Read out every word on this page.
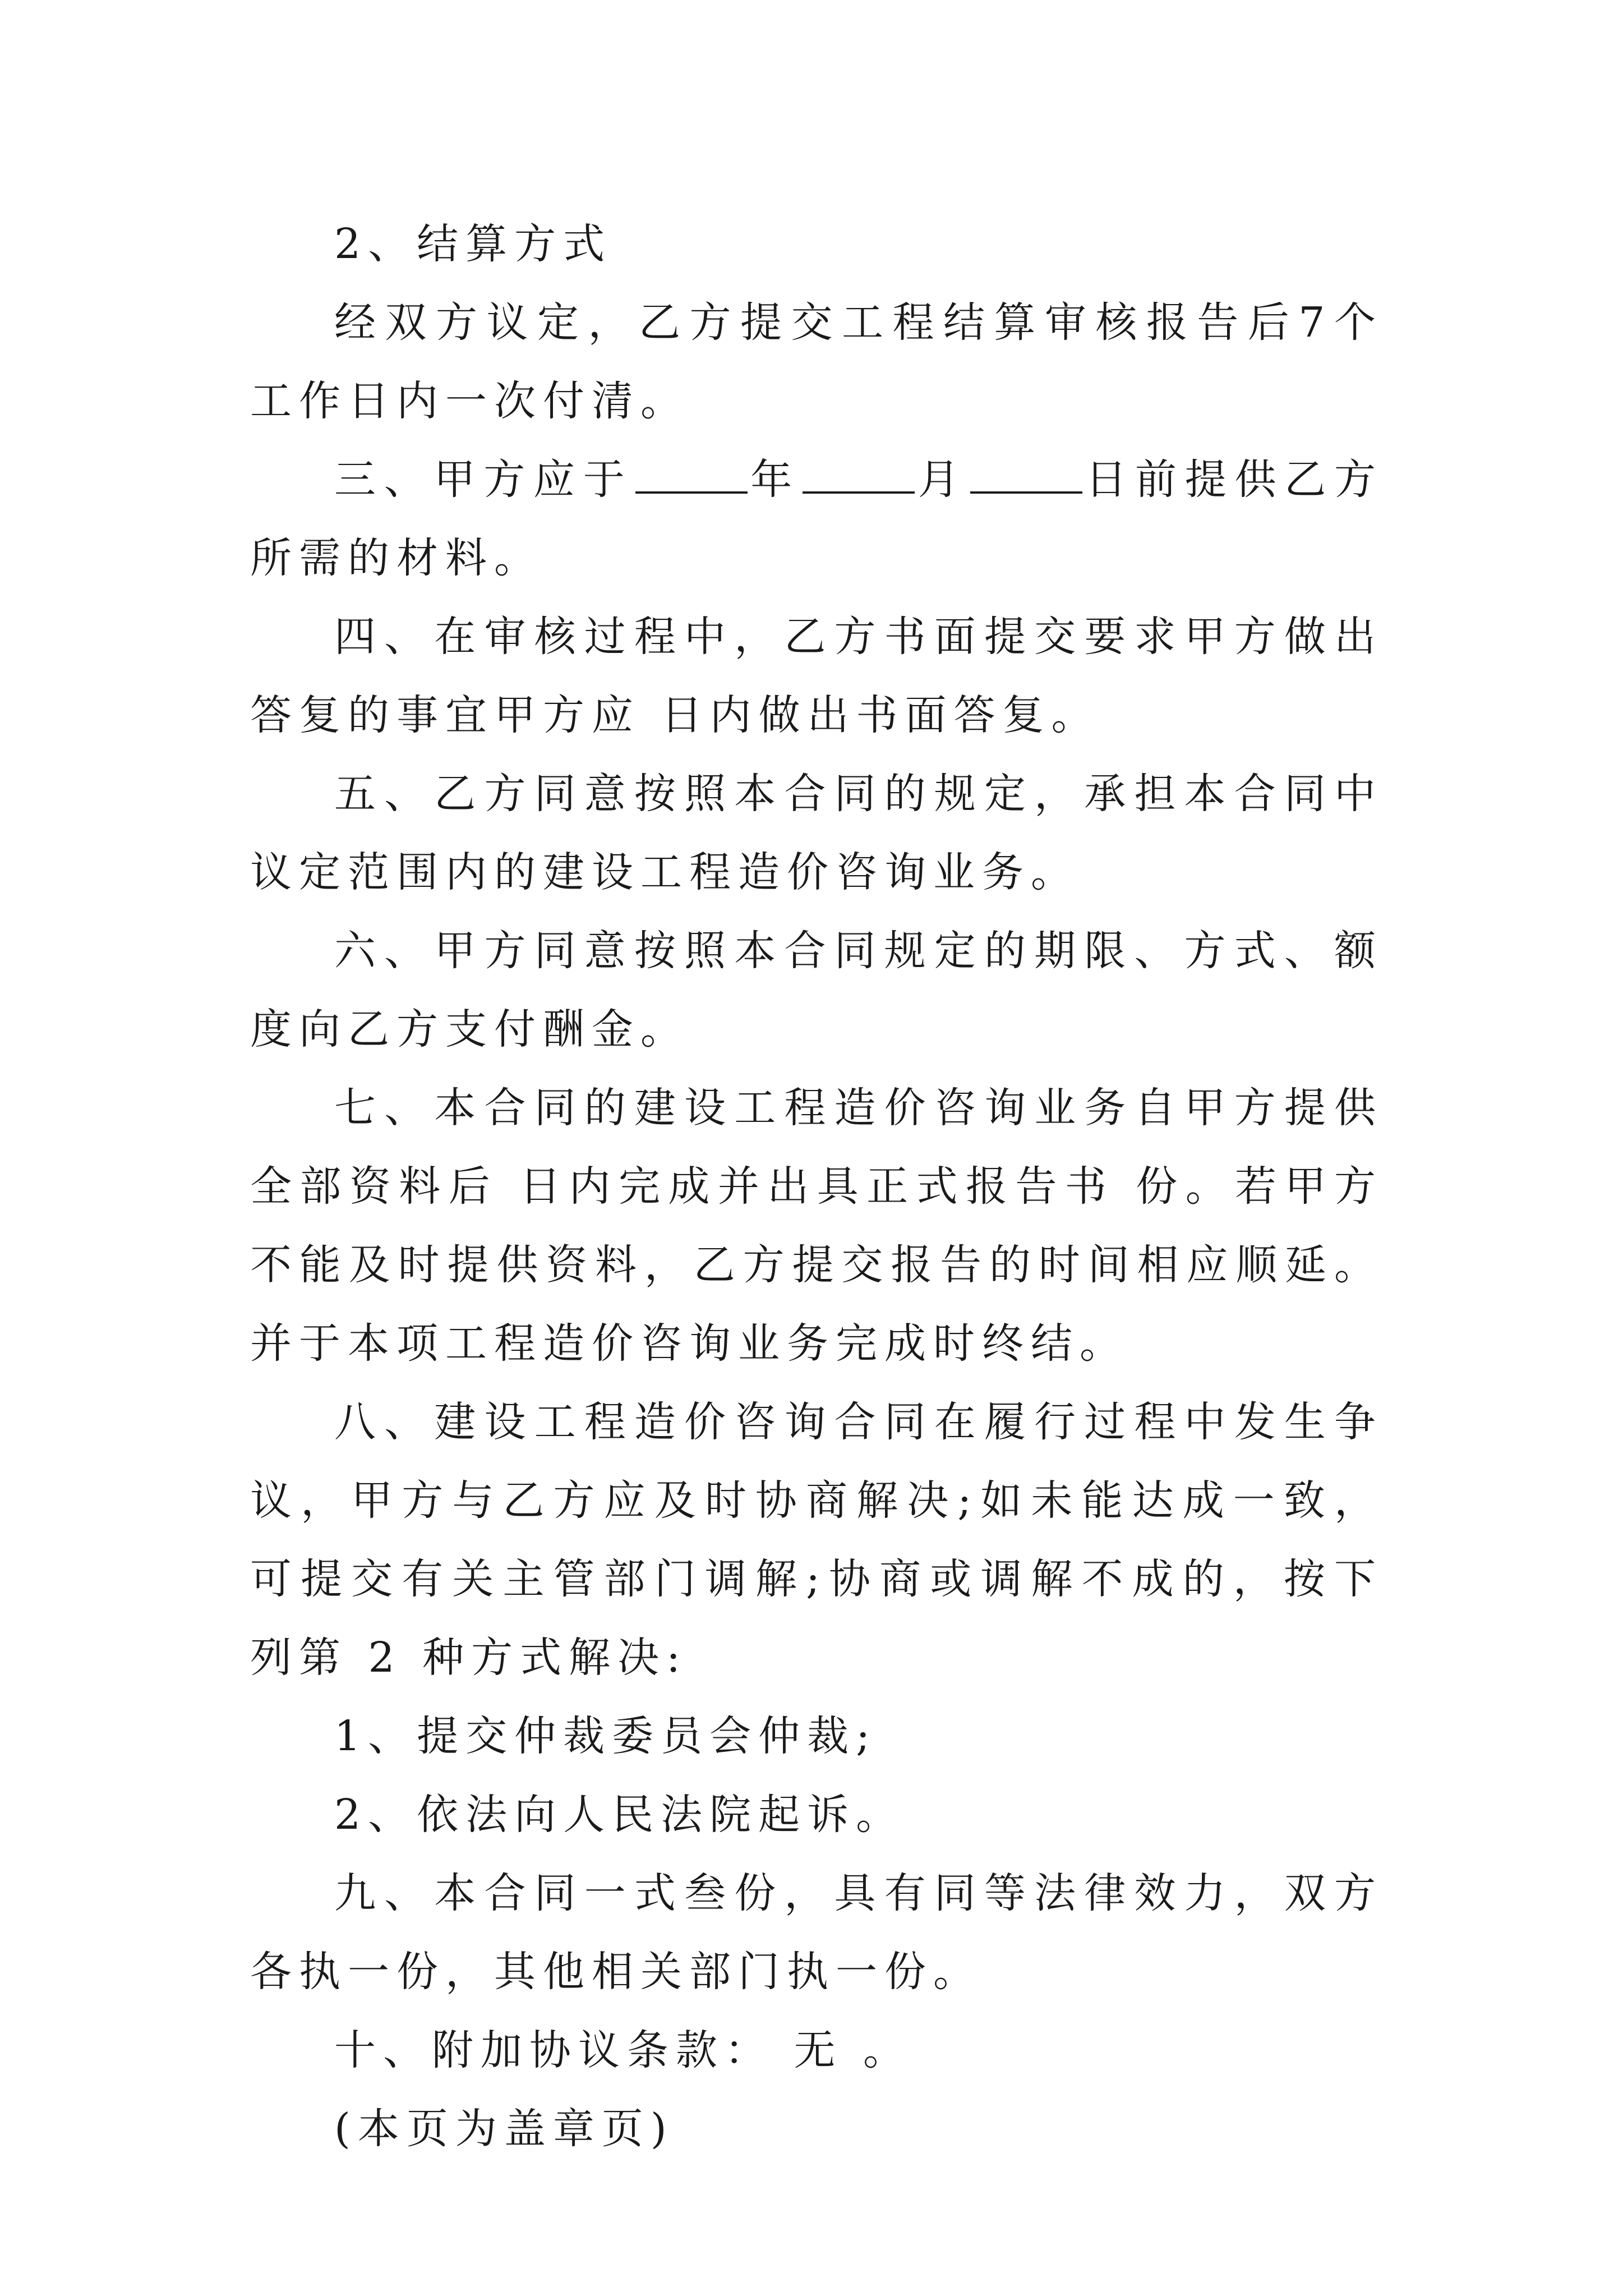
2、结算方式

经双方议定，乙方提交工程结算审核报告后7个工作日内一次付清。

三、甲方应于	年	月	日前提供乙方所需的材料。

四、在审核过程中，乙方书面提交要求甲方做出答复的事宜甲方应 日内做出书面答复。

五、乙方同意按照本合同的规定，承担本合同中议定范围内的建设工程造价咨询业务。

六、甲方同意按照本合同规定的期限、方式、额度向乙方支付酬金。

七、本合同的建设工程造价咨询业务自甲方提供全部资料后 日内完成并出具正式报告书 份。若甲方不能及时提供资料，乙方提交报告的时间相应顺延。并于本项工程造价咨询业务完成时终结。

八、建设工程造价咨询合同在履行过程中发生争议，甲方与乙方应及时协商解决;如未能达成一致，可提交有关主管部门调解;协商或调解不成的，按下列第 2 种方式解决:

1、提交仲裁委员会仲裁;

2、依法向人民法院起诉。

九、本合同一式叁份，具有同等法律效力，双方各执一份，其他相关部门执一份。

十、附加协议条款： 无 。

(本页为盖章页)
